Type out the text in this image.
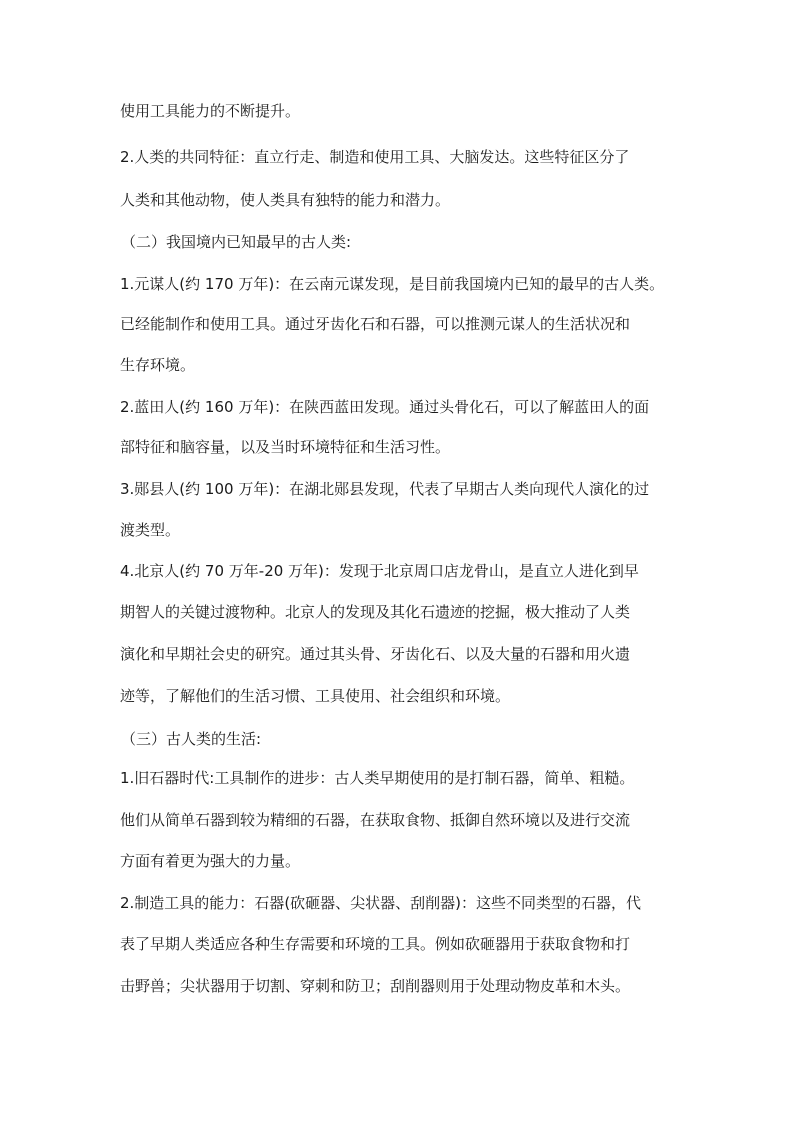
使用工具能力的不断提升。
2.人类的共同特征：直立行走、制造和使用工具、大脑发达。这些特征区分了
人类和其他动物，使人类具有独特的能力和潜力。
（二）我国境内已知最早的古人类:
1.元谋人(约 170 万年)：在云南元谋发现，是目前我国境内已知的最早的古人类。
已经能制作和使用工具。通过牙齿化石和石器，可以推测元谋人的生活状况和
生存环境。
2.蓝田人(约 160 万年)：在陕西蓝田发现。通过头骨化石，可以了解蓝田人的面
部特征和脑容量，以及当时环境特征和生活习性。
3.郧县人(约 100 万年)：在湖北郧县发现，代表了早期古人类向现代人演化的过
渡类型。
4.北京人(约 70 万年-20 万年)：发现于北京周口店龙骨山，是直立人进化到早
期智人的关键过渡物种。北京人的发现及其化石遗迹的挖掘，极大推动了人类
演化和早期社会史的研究。通过其头骨、牙齿化石、以及大量的石器和用火遗
迹等，了解他们的生活习惯、工具使用、社会组织和环境。
（三）古人类的生活:
1.旧石器时代:工具制作的进步：古人类早期使用的是打制石器，简单、粗糙。
他们从简单石器到较为精细的石器，在获取食物、抵御自然环境以及进行交流
方面有着更为强大的力量。
2.制造工具的能力：石器(砍砸器、尖状器、刮削器)：这些不同类型的石器，代
表了早期人类适应各种生存需要和环境的工具。例如砍砸器用于获取食物和打
击野兽；尖状器用于切割、穿刺和防卫；刮削器则用于处理动物皮革和木头。
